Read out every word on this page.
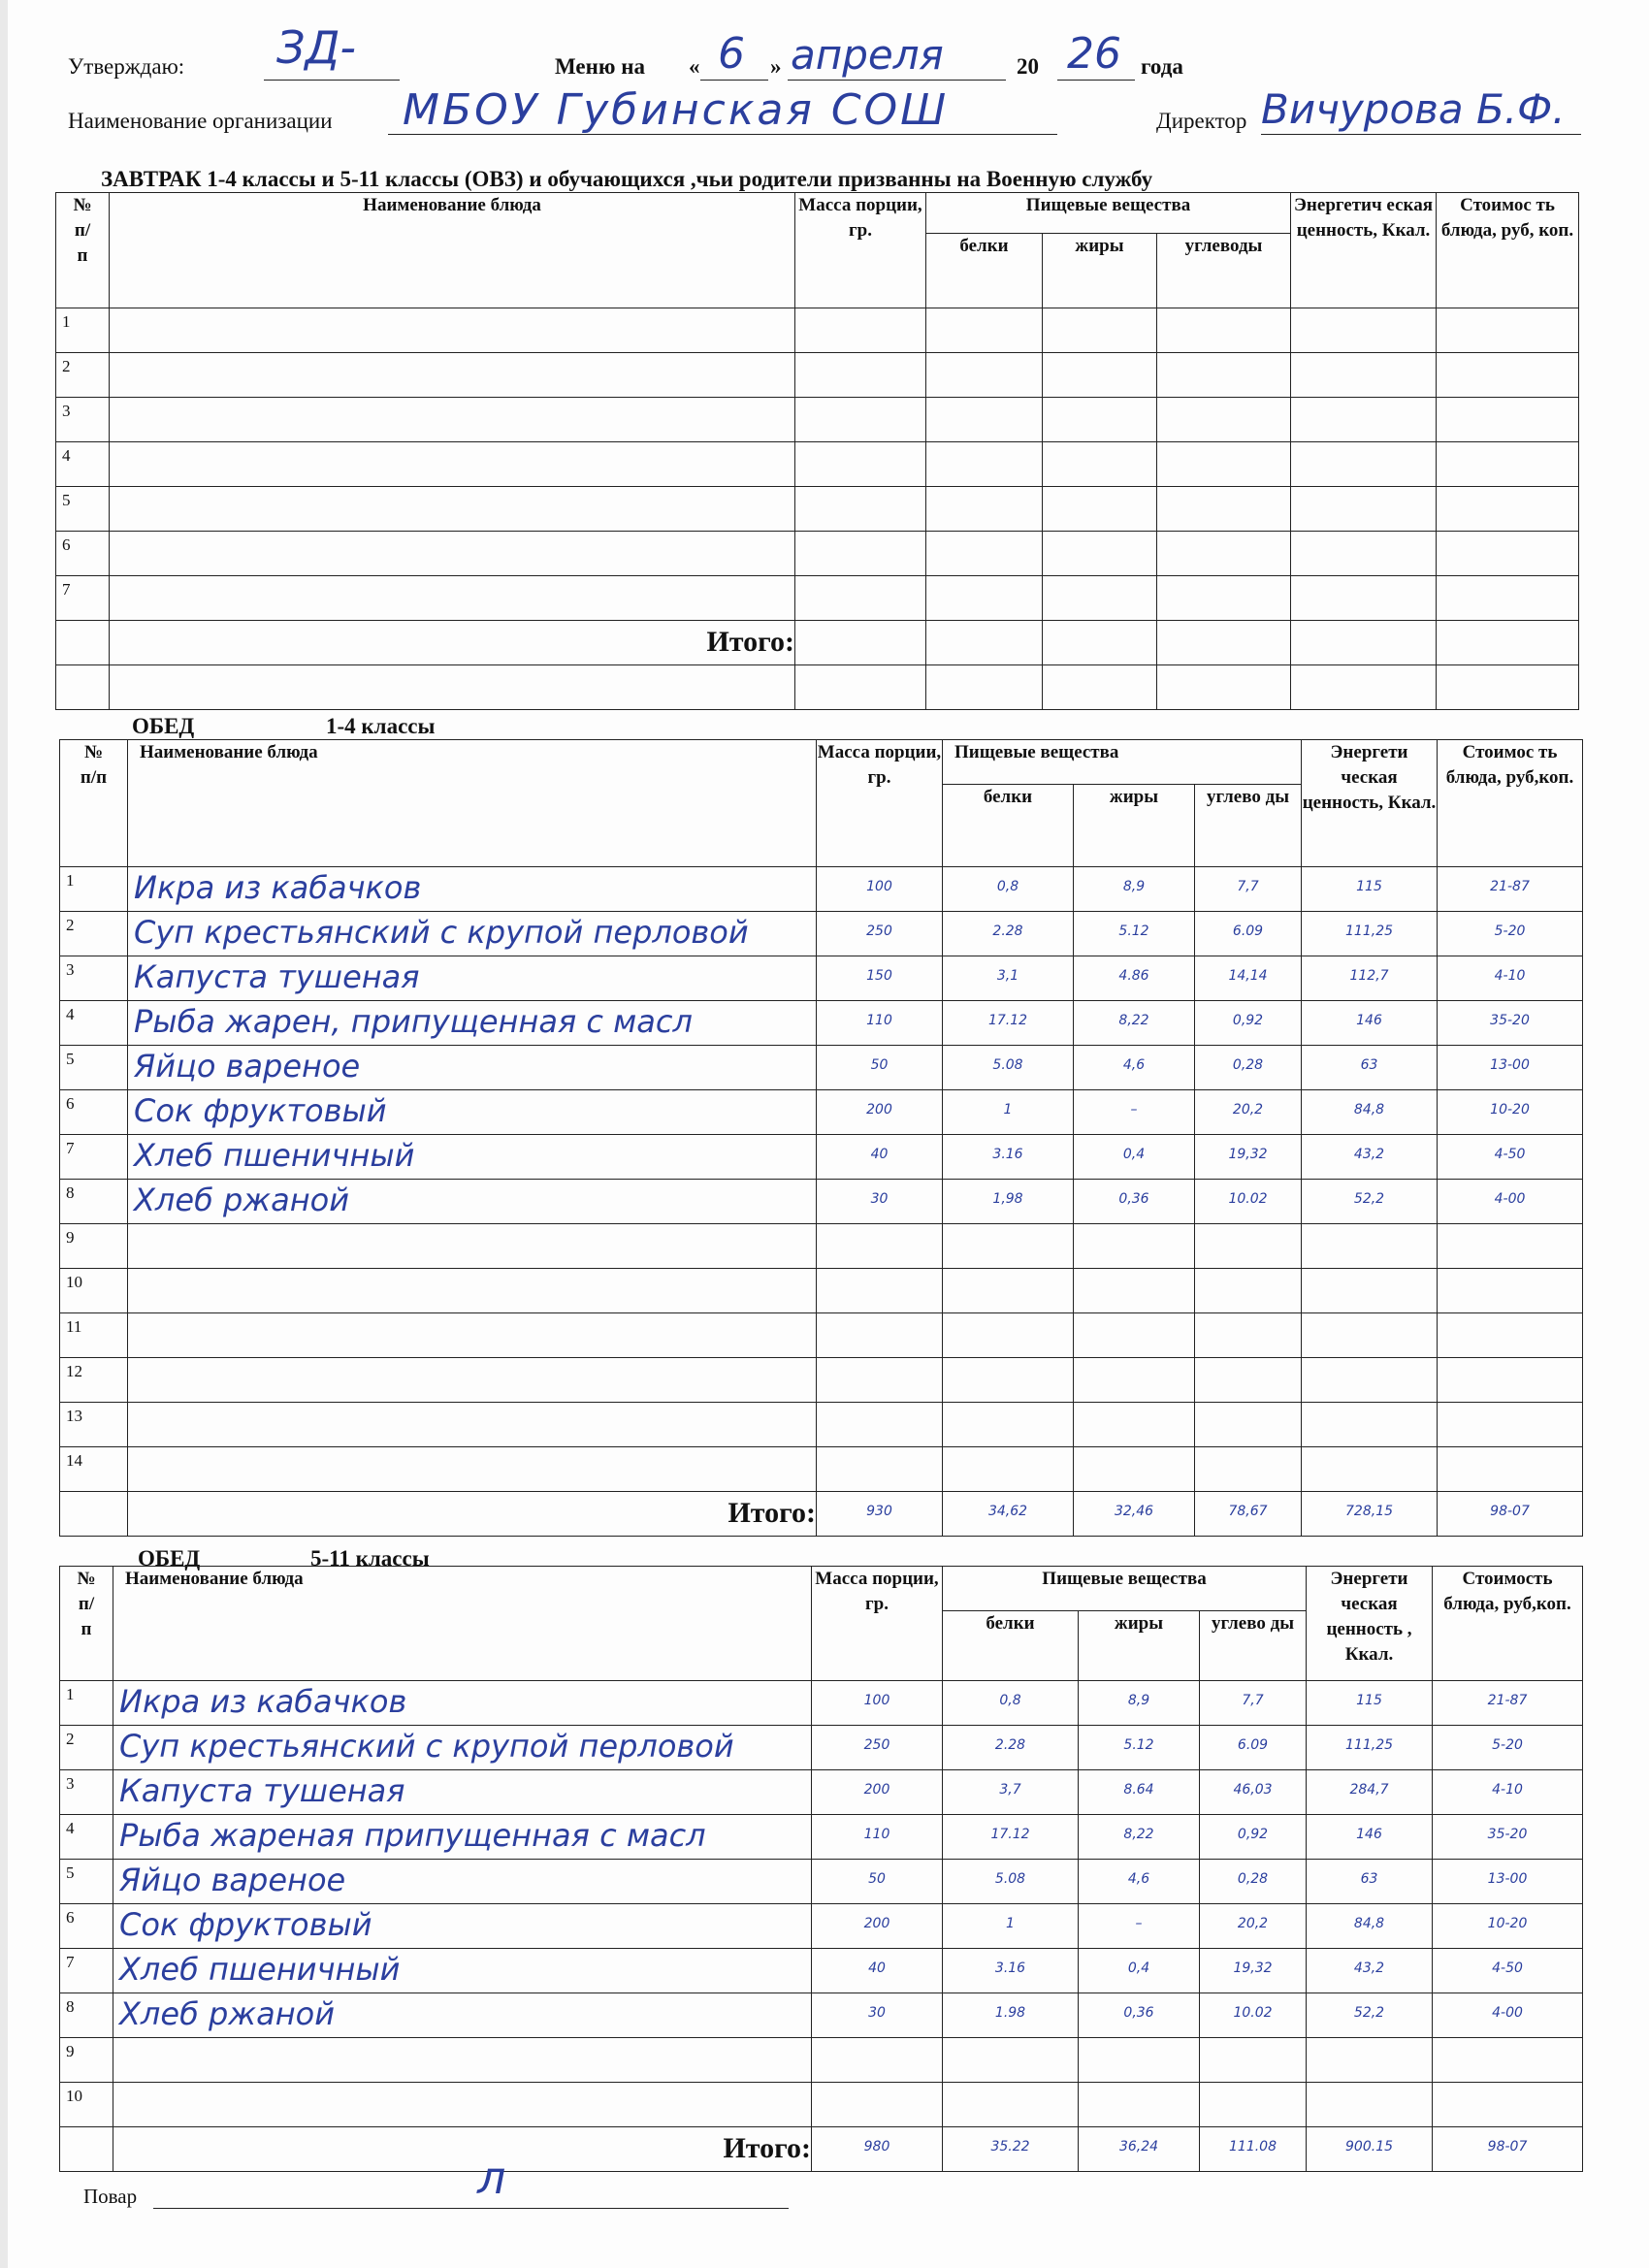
Утверждаю: ЗД-	Меню на « 6 » апреля	20 26 года
Наименование организации МБОУ Губинская СОШ	Директор Вичурова Б.Ф.
ЗАВТРАК 1-4 классы и 5-11 классы (ОВЗ) и обучающихся ,чьи родители призванны на Военную службу
№ п/ п	Наименование блюда	Масса порции, гр.	Пищевые вещества			Энергетич еская ценность, Ккал.	Стоимос ть блюда, руб, коп.
			белки	жиры	углеводы		

1							

2							

3							

4							

5							

6							

7							

	Итого:						

ОБЕД	1-4 классы
№ п/п	Наименование блюда	Масса порции, гр.	Пищевые вещества			Энергети ческая ценность, Ккал.	Стоимос ть блюда, руб,коп.
			белки	жиры	углево ды		

1	Икра из кабачков	100	0,8	8,9	7,7	115	21-87

2	Суп крестьянский с крупой перловой	250	2.28	5.12	6.09	111,25	5-20

3	Капуста тушеная	150	3,1	4.86	14,14	112,7	4-10

4	Рыба жарен, припущенная с масл	110	17.12	8,22	0,92	146	35-20

5	Яйцо вареное	50	5.08	4,6	0,28	63	13-00

6	Сок фруктовый	200	1	–	20,2	84,8	10-20

7	Хлеб пшеничный	40	3.16	0,4	19,32	43,2	4-50

8	Хлеб ржаной	30	1,98	0,36	10.02	52,2	4-00

9							

10							

11							

12							

13							

14							

	Итого:	930	34,62	32,46	78,67	728,15	98-07
ОБЕД	5-11 классы
№ п/ п	Наименование блюда	Масса порции, гр.	Пищевые вещества			Энергети ческая ценность , Ккал.	Стоимость блюда, руб,коп.
			белки	жиры	углево ды		

1	Икра из кабачков	100	0,8	8,9	7,7	115	21-87

2	Суп крестьянский с крупой перловой	250	2.28	5.12	6.09	111,25	5-20

3	Капуста тушеная	200	3,7	8.64	46,03	284,7	4-10

4	Рыба жареная припущенная с масл	110	17.12	8,22	0,92	146	35-20

5	Яйцо вареное	50	5.08	4,6	0,28	63	13-00

6	Сок фруктовый	200	1	–	20,2	84,8	10-20

7	Хлеб пшеничный	40	3.16	0,4	19,32	43,2	4-50

8	Хлеб ржаной	30	1.98	0,36	10.02	52,2	4-00

9							

10							

	Итого:	980	35.22	36,24	111.08	900.15	98-07
Повар	л
